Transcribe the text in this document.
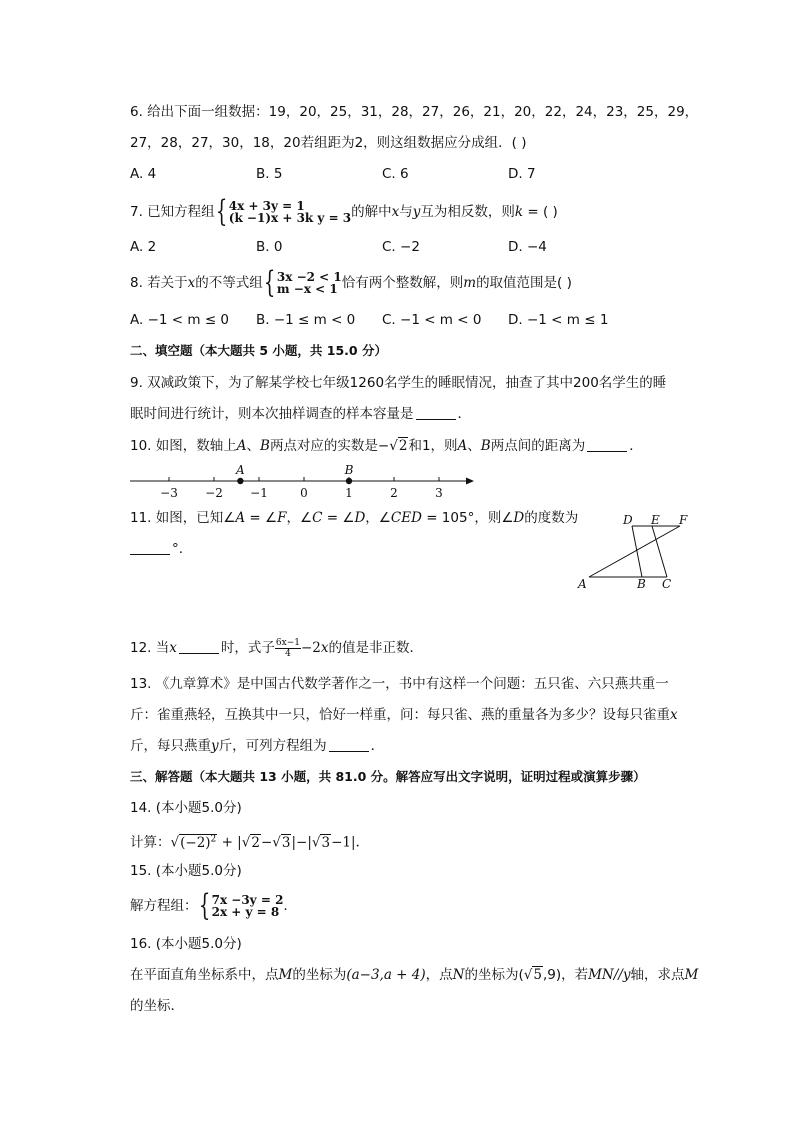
6. 给出下面一组数据：19，20，25，31，28，27，26，21，20，22，24，23，25，29，
27，28，27，30，18，20若组距为2，则这组数据应分成组．( )
A. 4	B. 5	C. 6	D. 7
7. 已知方程组 { 4x + 3y = 1
(k −1)x + 3k y = 3 的解中x与y互为相反数，则k = ( )
A. 2	B. 0	C. −2	D. −4
8. 若关于x的不等式组 { 3x −2 < 1
m −x < 1 恰有两个整数解，则m的取值范围是( )
A. −1 < m ≤ 0 B. −1 ≤ m < 0 C. −1 < m < 0 D. −1 < m ≤ 1
二、填空题（本大题共 5 小题，共 15.0 分）
9. 双减政策下，为了解某学校七年级1260名学生的睡眠情况，抽查了其中200名学生的睡
眠时间进行统计，则本次抽样调查的样本容量是	．
10. 如图，数轴上A、B两点对应的实数是−√2和1，则A、B两点间的距离为	．
−3 −2 −1	0	1	2	3
A	B
11. 如图，已知∠A = ∠F，∠C = ∠D，∠CED = 105°，则∠D的度数为
°.
D E F
A	B C
12. 当x	时，式子 $\frac{6x-1}{4} -2x$的值是非正数．
13. 《九章算术》是中国古代数学著作之一，书中有这样一个问题：五只雀、六只燕共重一
斤：雀重燕轻，互换其中一只，恰好一样重，问：每只雀、燕的重量各为多少？设每只雀重x
斤，每只燕重y斤，可列方程组为	．
三、解答题（本大题共 13 小题，共 81.0 分。解答应写出文字说明，证明过程或演算步骤）
14. (本小题5.0分)
计算：$√(-2)^2 + |√2-√3|-|√3-1|$.
15. (本小题5.0分)
解方程组： { 7x −3y = 2
2x + y = 8 .
16. (本小题5.0分)
在平面直角坐标系中，点M的坐标为(a−3,a + 4)，点N的坐标为(√5,9)，若MN//y轴，求点M
的坐标．
